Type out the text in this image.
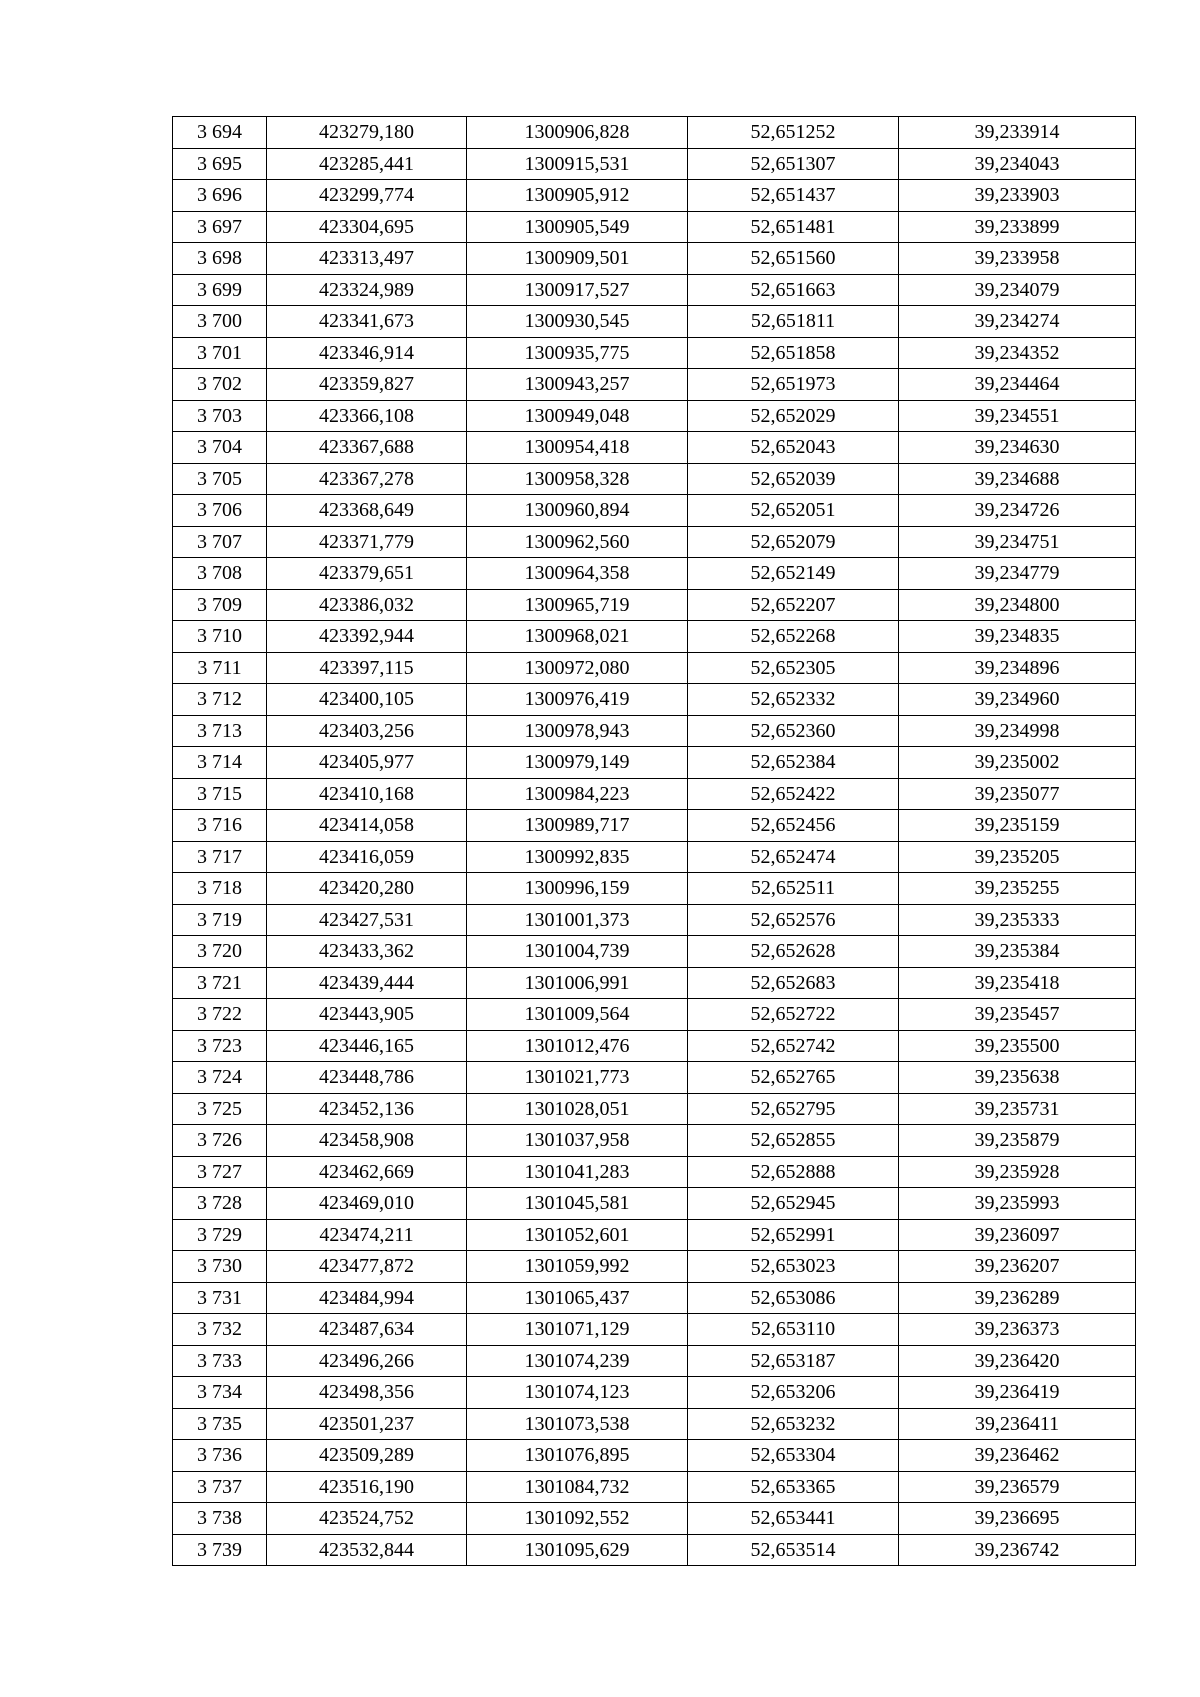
3 694	423279,180	1300906,828	52,651252	39,233914
3 695	423285,441	1300915,531	52,651307	39,234043
3 696	423299,774	1300905,912	52,651437	39,233903
3 697	423304,695	1300905,549	52,651481	39,233899
3 698	423313,497	1300909,501	52,651560	39,233958
3 699	423324,989	1300917,527	52,651663	39,234079
3 700	423341,673	1300930,545	52,651811	39,234274
3 701	423346,914	1300935,775	52,651858	39,234352
3 702	423359,827	1300943,257	52,651973	39,234464
3 703	423366,108	1300949,048	52,652029	39,234551
3 704	423367,688	1300954,418	52,652043	39,234630
3 705	423367,278	1300958,328	52,652039	39,234688
3 706	423368,649	1300960,894	52,652051	39,234726
3 707	423371,779	1300962,560	52,652079	39,234751
3 708	423379,651	1300964,358	52,652149	39,234779
3 709	423386,032	1300965,719	52,652207	39,234800
3 710	423392,944	1300968,021	52,652268	39,234835
3 711	423397,115	1300972,080	52,652305	39,234896
3 712	423400,105	1300976,419	52,652332	39,234960
3 713	423403,256	1300978,943	52,652360	39,234998
3 714	423405,977	1300979,149	52,652384	39,235002
3 715	423410,168	1300984,223	52,652422	39,235077
3 716	423414,058	1300989,717	52,652456	39,235159
3 717	423416,059	1300992,835	52,652474	39,235205
3 718	423420,280	1300996,159	52,652511	39,235255
3 719	423427,531	1301001,373	52,652576	39,235333
3 720	423433,362	1301004,739	52,652628	39,235384
3 721	423439,444	1301006,991	52,652683	39,235418
3 722	423443,905	1301009,564	52,652722	39,235457
3 723	423446,165	1301012,476	52,652742	39,235500
3 724	423448,786	1301021,773	52,652765	39,235638
3 725	423452,136	1301028,051	52,652795	39,235731
3 726	423458,908	1301037,958	52,652855	39,235879
3 727	423462,669	1301041,283	52,652888	39,235928
3 728	423469,010	1301045,581	52,652945	39,235993
3 729	423474,211	1301052,601	52,652991	39,236097
3 730	423477,872	1301059,992	52,653023	39,236207
3 731	423484,994	1301065,437	52,653086	39,236289
3 732	423487,634	1301071,129	52,653110	39,236373
3 733	423496,266	1301074,239	52,653187	39,236420
3 734	423498,356	1301074,123	52,653206	39,236419
3 735	423501,237	1301073,538	52,653232	39,236411
3 736	423509,289	1301076,895	52,653304	39,236462
3 737	423516,190	1301084,732	52,653365	39,236579
3 738	423524,752	1301092,552	52,653441	39,236695
3 739	423532,844	1301095,629	52,653514	39,236742
